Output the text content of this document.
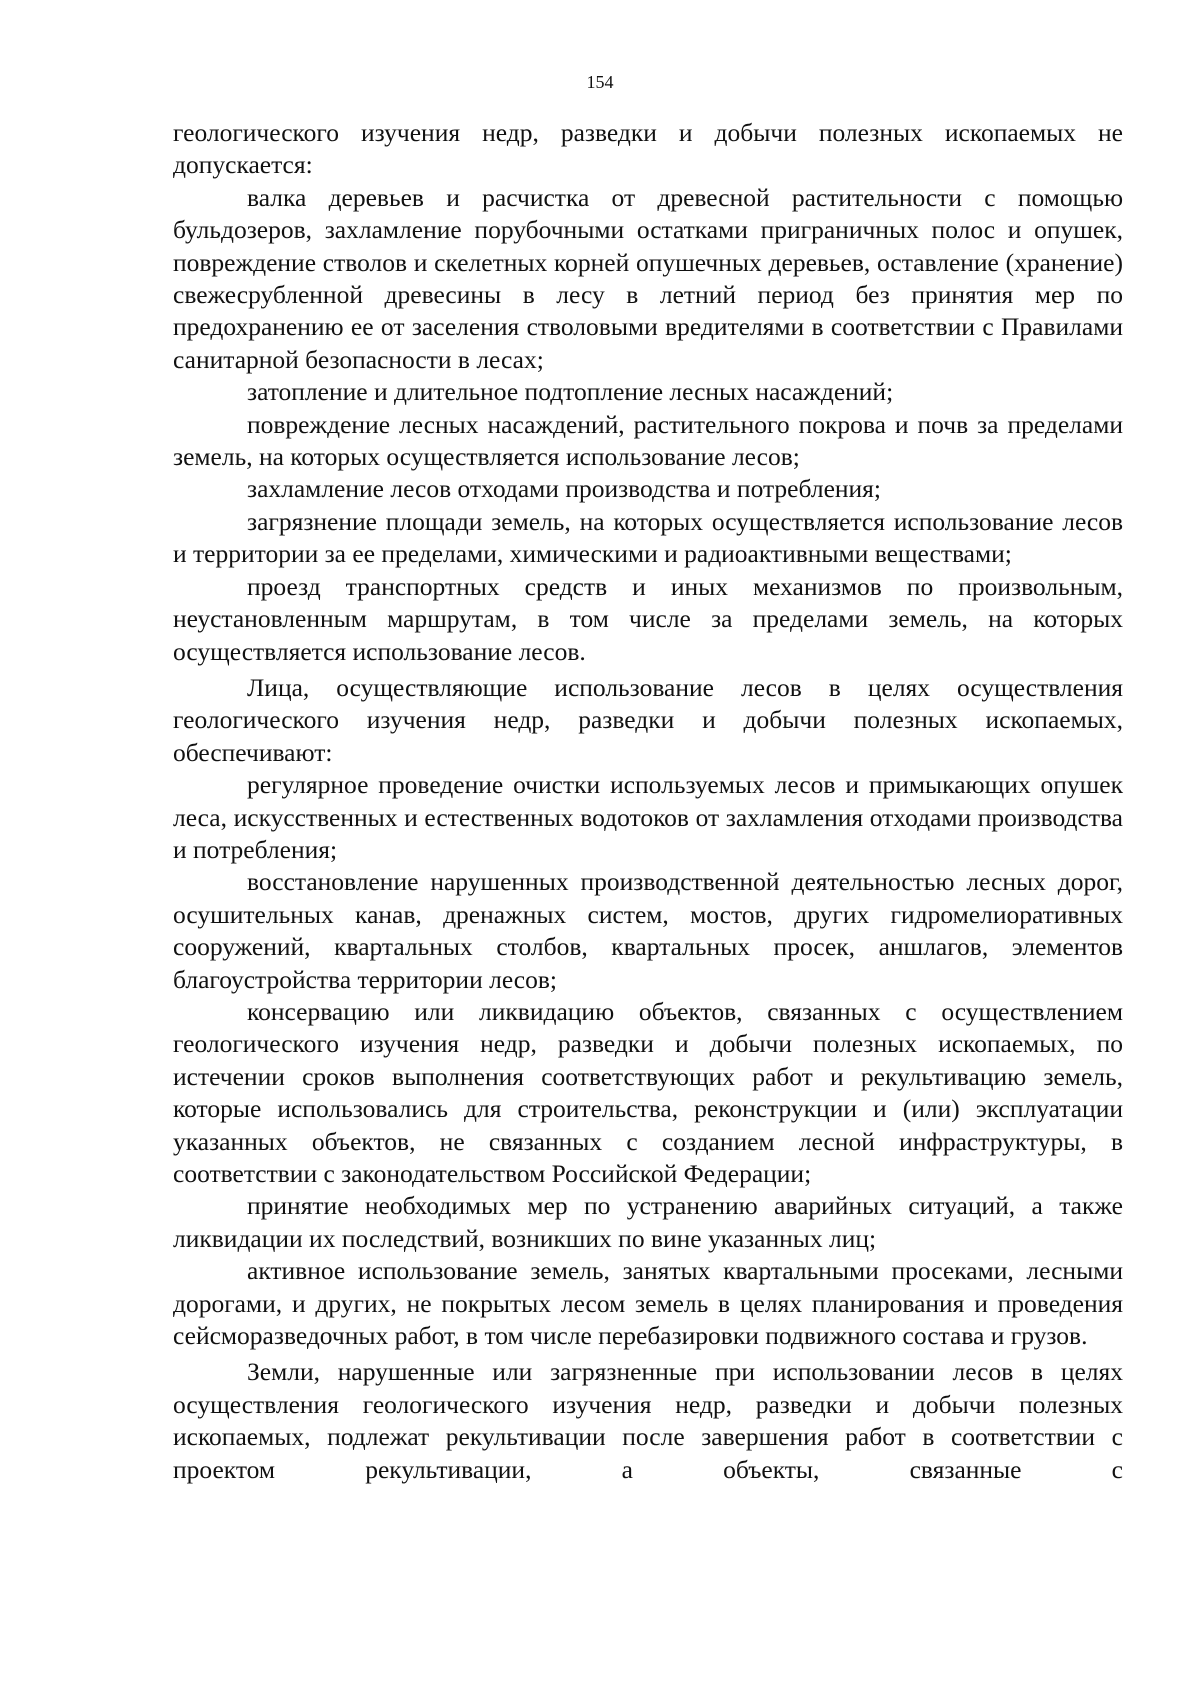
154

геологического изучения недр, разведки и добычи полезных ископаемых не допускается:

валка деревьев и расчистка от древесной растительности с помощью бульдозеров, захламление порубочными остатками приграничных полос и опушек, повреждение стволов и скелетных корней опушечных деревьев, оставление (хранение) свежесрубленной древесины в лесу в летний период без принятия мер по предохранению ее от заселения стволовыми вредителями в соответствии с Правилами санитарной безопасности в лесах;

затопление и длительное подтопление лесных насаждений;

повреждение лесных насаждений, растительного покрова и почв за пределами земель, на которых осуществляется использование лесов;

захламление лесов отходами производства и потребления;

загрязнение площади земель, на которых осуществляется использование лесов и территории за ее пределами, химическими и радиоактивными веществами;

проезд транспортных средств и иных механизмов по произвольным, неустановленным маршрутам, в том числе за пределами земель, на которых осуществляется использование лесов.

Лица, осуществляющие использование лесов в целях осуществления геологического изучения недр, разведки и добычи полезных ископаемых, обеспечивают:

регулярное проведение очистки используемых лесов и примыкающих опушек леса, искусственных и естественных водотоков от захламления отходами производства и потребления;

восстановление нарушенных производственной деятельностью лесных дорог, осушительных канав, дренажных систем, мостов, других гидромелиоративных сооружений, квартальных столбов, квартальных просек, аншлагов, элементов благоустройства территории лесов;

консервацию или ликвидацию объектов, связанных с осуществлением геологического изучения недр, разведки и добычи полезных ископаемых, по истечении сроков выполнения соответствующих работ и рекультивацию земель, которые использовались для строительства, реконструкции и (или) эксплуатации указанных объектов, не связанных с созданием лесной инфраструктуры, в соответствии с законодательством Российской Федерации;

принятие необходимых мер по устранению аварийных ситуаций, а также ликвидации их последствий, возникших по вине указанных лиц;

активное использование земель, занятых квартальными просеками, лесными дорогами, и других, не покрытых лесом земель в целях планирования и проведения сейсморазведочных работ, в том числе перебазировки подвижного состава и грузов.

Земли, нарушенные или загрязненные при использовании лесов в целях осуществления геологического изучения недр, разведки и добычи полезных ископаемых, подлежат рекультивации после завершения работ в соответствии с проектом рекультивации, а объекты, связанные с
